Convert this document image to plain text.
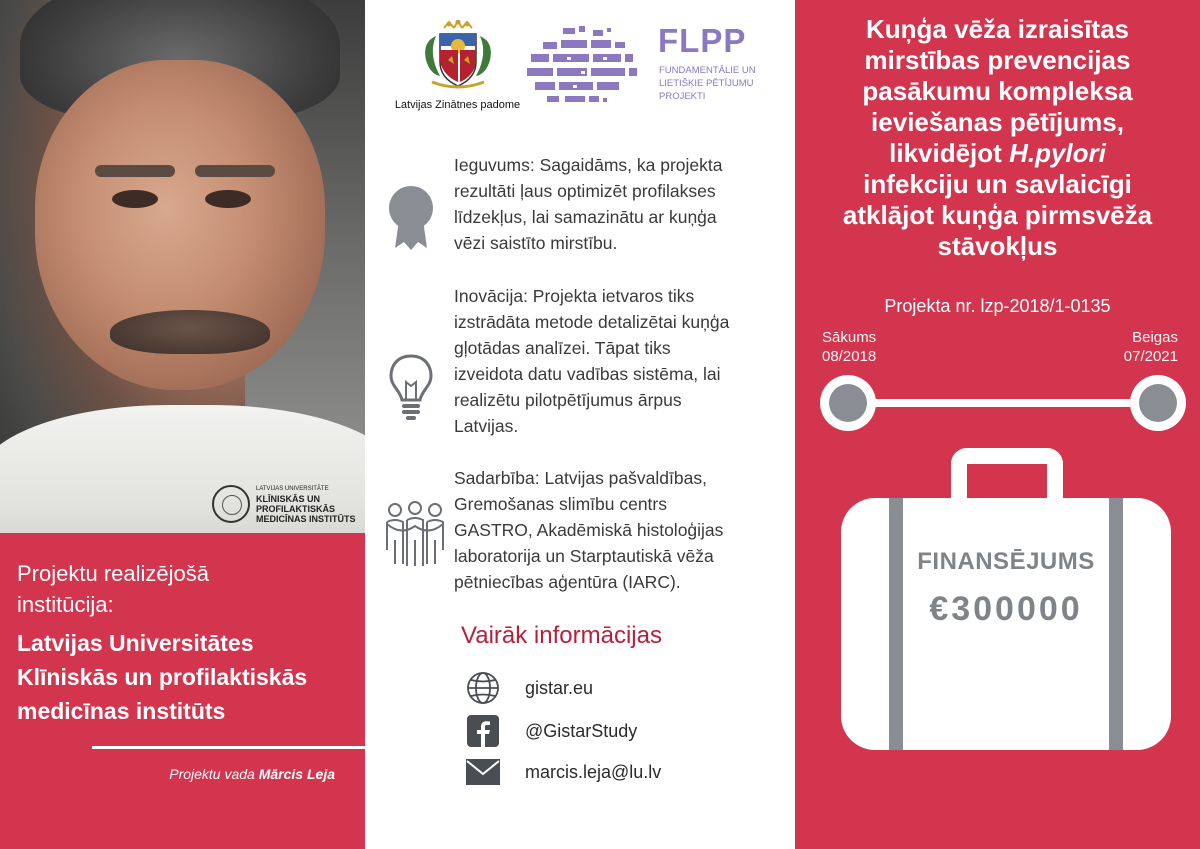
LATVIJAS UNIVERSITĀTE
KLĪNISKĀS UN
PROFILAKTISKĀS
MEDICĪNAS INSTITŪTS
Projektu realizējošā
institūcija:
Latvijas Universitātes
Klīniskās un profilaktiskās
medicīnas institūts
Projektu vada Mārcis Leja
Latvijas Zinātnes padome
FLPP
FUNDAMENTĀLIE UN
LIETIŠĶIE PĒTĪJUMU
PROJEKTI
Ieguvums: Sagaidāms, ka projekta
rezultāti ļaus optimizēt profilakses
līdzekļus, lai samazinātu ar kuņģa
vēzi saistīto mirstību.
Inovācija: Projekta ietvaros tiks
izstrādāta metode detalizētai kuņģa
gļotādas analīzei. Tāpat tiks
izveidota datu vadības sistēma, lai
realizētu pilotpētījumus ārpus
Latvijas.
Sadarbība: Latvijas pašvaldības,
Gremošanas slimību centrs
GASTRO, Akadēmiskā histoloģijas
laboratorija un Starptautiskā vēža
pētniecības aģentūra (IARC).
Vairāk informācijas
gistar.eu
@GistarStudy
marcis.leja@lu.lv
Kuņģa vēža izraisītas
mirstības prevencijas
pasākumu kompleksa
ieviešanas pētījums,
likvidējot H.pylori
infekciju un savlaicīgi
atklājot kuņģa pirmsvēža
stāvokļus
Projekta nr. lzp-2018/1-0135
Sākums
08/2018
Beigas
07/2021
FINANSĒJUMS
€300000
